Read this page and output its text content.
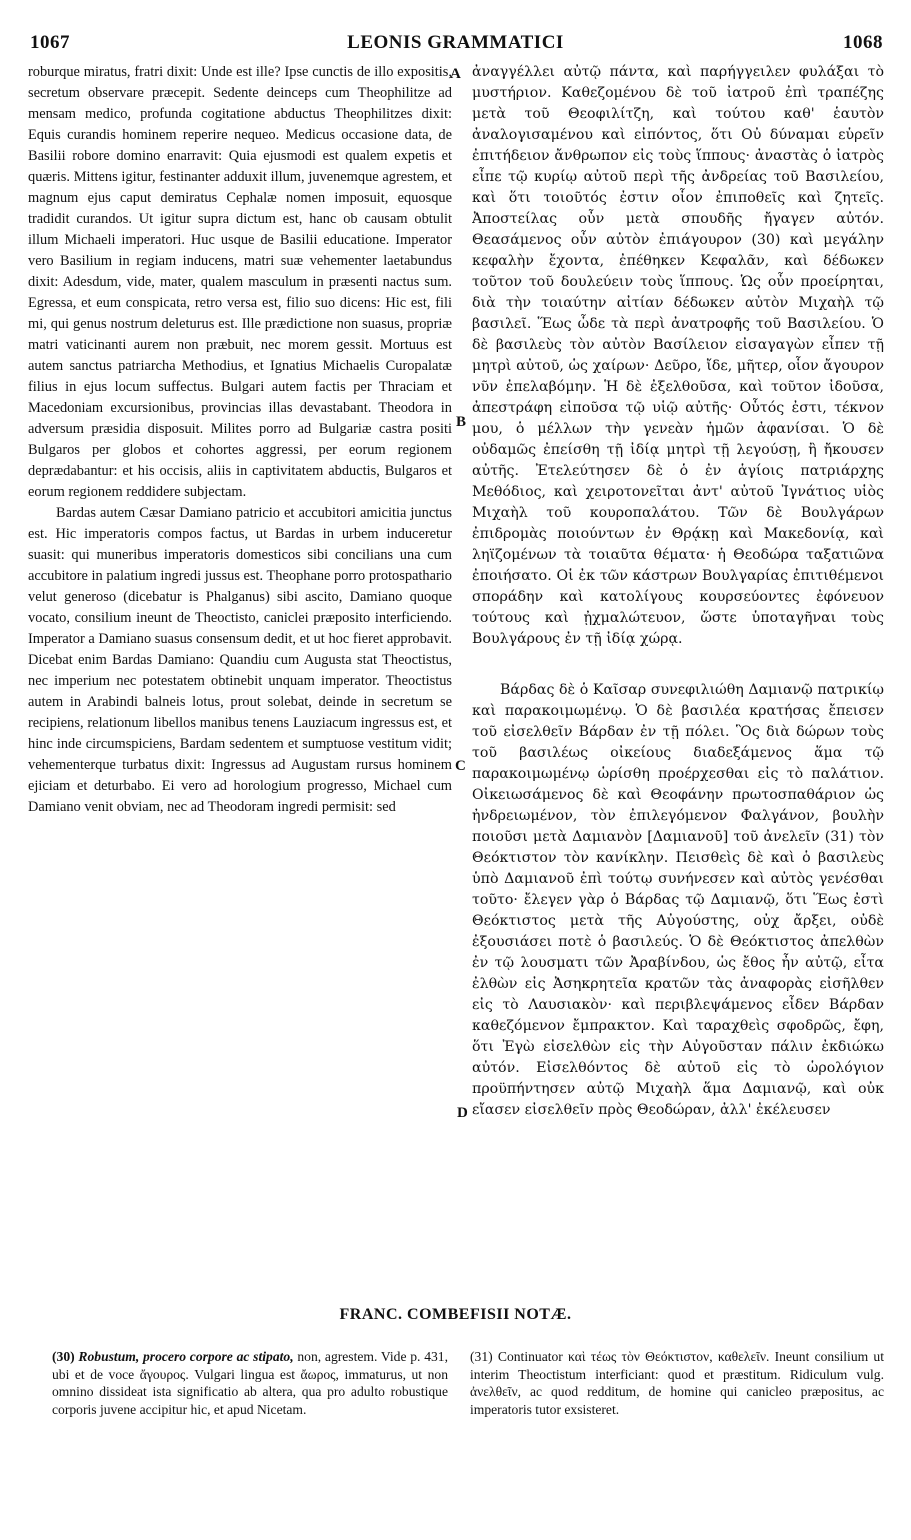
1067	LEONIS GRAMMATICI	1068

roburque miratus, fratri dixit: Unde est ille? Ipse cunctis de illo expositis, secretum observare præcepit. Sedente deinceps cum Theophilitze ad mensam medico, profunda cogitatione abductus Theophilitzes dixit: Equis curandis hominem reperire nequeo. Medicus occasione data, de Basilii robore domino enarravit: Quia ejusmodi est qualem expetis et quæris. Mittens igitur, festinanter adduxit illum, juvenemque agrestem, et magnum ejus caput demiratus Cephalæ nomen imposuit, equosque tradidit curandos. Ut igitur supra dictum est, hanc ob causam obtulit illum Michaeli imperatori. Huc usque de Basilii educatione. Imperator vero Basilium in regiam inducens, matri suæ vehementer laetabundus dixit: Adesdum, vide, mater, qualem masculum in præsenti nactus sum. Egressa, et eum conspicata, retro versa est, filio suo dicens: Hic est, fili mi, qui genus nostrum deleturus est. Ille prædictione non suasus, propriæ matri vaticinanti aurem non præbuit, nec morem gessit. Mortuus est autem sanctus patriarcha Methodius, et Ignatius Michaelis Curopalatæ filius in ejus locum suffectus. Bulgari autem factis per Thraciam et Macedoniam excursionibus, provincias illas devastabant. Theodora in adversum præsidia disposuit. Milites porro ad Bulgariæ castra positi Bulgaros per globos et cohortes aggressi, per eorum regionem deprædabantur: et his occisis, aliis in captivitatem abductis, Bulgaros et eorum regionem reddidere subjectam.

Bardas autem Cæsar Damiano patricio et accubitori amicitia junctus est. Hic imperatoris compos factus, ut Bardas in urbem induceretur suasit: qui muneribus imperatoris domesticos sibi concilians una cum accubitore in palatium ingredi jussus est. Theophane porro protospathario velut generoso (dicebatur is Phalganus) sibi ascito, Damiano quoque vocato, consilium ineunt de Theoctisto, caniclei præposito interficiendo. Imperator a Damiano suasus consensum dedit, et ut hoc fieret approbavit. Dicebat enim Bardas Damiano: Quandiu cum Augusta stat Theoctistus, nec imperium nec potestatem obtinebit unquam imperator. Theoctistus autem in Arabindi balneis lotus, prout solebat, deinde in secretum se recipiens, relationum libellos manibus tenens Lauziacum ingressus est, et hinc inde circumspiciens, Bardam sedentem et sumptuose vestitum vidit; vehementerque turbatus dixit: Ingressus ad Augustam rursus hominem ejiciam et deturbabo. Ei vero ad horologium progresso, Michael cum Damiano venit obviam, nec ad Theodoram ingredi permisit: sed

ἀναγγέλλει αὐτῷ πάντα, καὶ παρήγγειλεν φυλάξαι τὸ μυστήριον. Καθεζομένου δὲ τοῦ ἰατροῦ ἐπὶ τραπέζης μετὰ τοῦ Θεοφιλίτζη, καὶ τούτου καθ' ἑαυτὸν ἀναλογισαμένου καὶ εἰπόντος, ὅτι Οὐ δύναμαι εὑρεῖν ἐπιτήδειον ἄνθρωπον εἰς τοὺς ἵππους· ἀναστὰς ὁ ἰατρὸς εἶπε τῷ κυρίῳ αὐτοῦ περὶ τῆς ἀνδρείας τοῦ Βασιλείου, καὶ ὅτι τοιοῦτός ἐστιν οἷον ἐπιποθεῖς καὶ ζητεῖς. Ἀποστείλας οὖν μετὰ σπουδῆς ἤγαγεν αὐτόν. Θεασάμενος οὖν αὐτὸν ἐπιάγουρον (30) καὶ μεγάλην κεφαλὴν ἔχοντα, ἐπέθηκεν Κεφαλᾶν, καὶ δέδωκεν τοῦτον τοῦ δουλεύειν τοὺς ἵππους. Ὡς οὖν προείρηται, διὰ τὴν τοιαύτην αἰτίαν δέδωκεν αὐτὸν Μιχαὴλ τῷ βασιλεῖ. Ἕως ὧδε τὰ περὶ ἀνατροφῆς τοῦ Βασιλείου. Ὁ δὲ βασιλεὺς τὸν αὐτὸν Βασίλειον εἰσαγαγὼν εἶπεν τῇ μητρὶ αὐτοῦ, ὡς χαίρων· Δεῦρο, ἴδε, μῆτερ, οἷον ἄγουρον νῦν ἐπελαβόμην. Ἡ δὲ ἐξελθοῦσα, καὶ τοῦτον ἰδοῦσα, ἀπεστράφη εἰποῦσα τῷ υἱῷ αὐτῆς· Οὗτός ἐστι, τέκνον μου, ὁ μέλλων τὴν γενεὰν ἡμῶν ἀφανίσαι. Ὁ δὲ οὐδαμῶς ἐπείσθη τῇ ἰδίᾳ μητρὶ τῇ λεγούσῃ, ἢ ἤκουσεν αὐτῆς. Ἐτελεύτησεν δὲ ὁ ἐν ἁγίοις πατριάρχης Μεθόδιος, καὶ χειροτονεῖται ἀντ' αὐτοῦ Ἰγνάτιος υἱὸς Μιχαὴλ τοῦ κουροπαλάτου. Τῶν δὲ Βουλγάρων ἐπιδρομὰς ποιούντων ἐν Θρᾴκῃ καὶ Μακεδονίᾳ, καὶ ληϊζομένων τὰ τοιαῦτα θέματα· ἡ Θεοδώρα ταξατιῶνα ἐποιήσατο. Οἱ ἐκ τῶν κάστρων Βουλγαρίας ἐπιτιθέμενοι σποράδην καὶ κατολίγους κουρσεύοντες ἐφόνευον τούτους καὶ ᾐχμαλώτευον, ὥστε ὑποταγῆναι τοὺς Βουλγάρους ἐν τῇ ἰδίᾳ χώρᾳ.

Βάρδας δὲ ὁ Καῖσαρ συνεφιλιώθη Δαμιανῷ πατρικίῳ καὶ παρακοιμωμένῳ. Ὁ δὲ βασιλέα κρατήσας ἔπεισεν τοῦ εἰσελθεῖν Βάρδαν ἐν τῇ πόλει. Ὃς διὰ δώρων τοὺς τοῦ βασιλέως οἰκείους διαδεξάμενος ἅμα τῷ παρακοιμωμένῳ ὡρίσθη προέρχεσθαι εἰς τὸ παλάτιον. Οἰκειωσάμενος δὲ καὶ Θεοφάνην πρωτοσπαθάριον ὡς ἠνδρειωμένον, τὸν ἐπιλεγόμενον Φαλγάνον, βουλὴν ποιοῦσι μετὰ Δαμιανὸν [Δαμιανοῦ] τοῦ ἀνελεῖν (31) τὸν Θεόκτιστον τὸν κανίκλην. Πεισθεὶς δὲ καὶ ὁ βασιλεὺς ὑπὸ Δαμιανοῦ ἐπὶ τούτῳ συνήνεσεν καὶ αὐτὸς γενέσθαι τοῦτο· ἔλεγεν γὰρ ὁ Βάρδας τῷ Δαμιανῷ, ὅτι Ἕως ἐστὶ Θεόκτιστος μετὰ τῆς Αὐγούστης, οὐχ ἄρξει, οὐδὲ ἐξουσιάσει ποτὲ ὁ βασιλεύς. Ὁ δὲ Θεόκτιστος ἀπελθὼν ἐν τῷ λουσματι τῶν Ἀραβίνδου, ὡς ἔθος ἦν αὐτῷ, εἶτα ἐλθὼν εἰς Ἀσηκρητεῖα κρατῶν τὰς ἀναφορὰς εἰσῆλθεν εἰς τὸ Λαυσιακὸν· καὶ περιβλεψάμενος εἶδεν Βάρδαν καθεζόμενον ἔμπρακτον. Καὶ ταραχθεὶς σφοδρῶς, ἔφη, ὅτι Ἐγὼ εἰσελθὼν εἰς τὴν Αὐγοῦσταν πάλιν ἐκδιώκω αὐτόν. Εἰσελθόντος δὲ αὐτοῦ εἰς τὸ ὡρολόγιον προϋπήντησεν αὐτῷ Μιχαὴλ ἅμα Δαμιανῷ, καὶ οὐκ εἴασεν εἰσελθεῖν πρὸς Θεοδώραν, ἀλλ' ἐκέλευσεν

A
B
C
D
FRANC. COMBEFISII NOTÆ.
(30) Robustum, procero corpore ac stipato, non, agrestem. Vide p. 431, ubi et de voce ἄγουρος. Vulgari lingua est ἄωρος, immaturus, ut non omnino dissideat ista significatio ab altera, qua pro adulto robustique corporis juvene accipitur hic, et apud Nicetam.
(31) Continuator καὶ τέως τὸν Θεόκτιστον, καθελεῖν. Ineunt consilium ut interim Theoctistum interficiant: quod et præstitum. Ridiculum vulg. ἀνελθεῖν, ac quod redditum, de homine qui canicleo præpositus, ac imperatoris tutor exsisteret.
